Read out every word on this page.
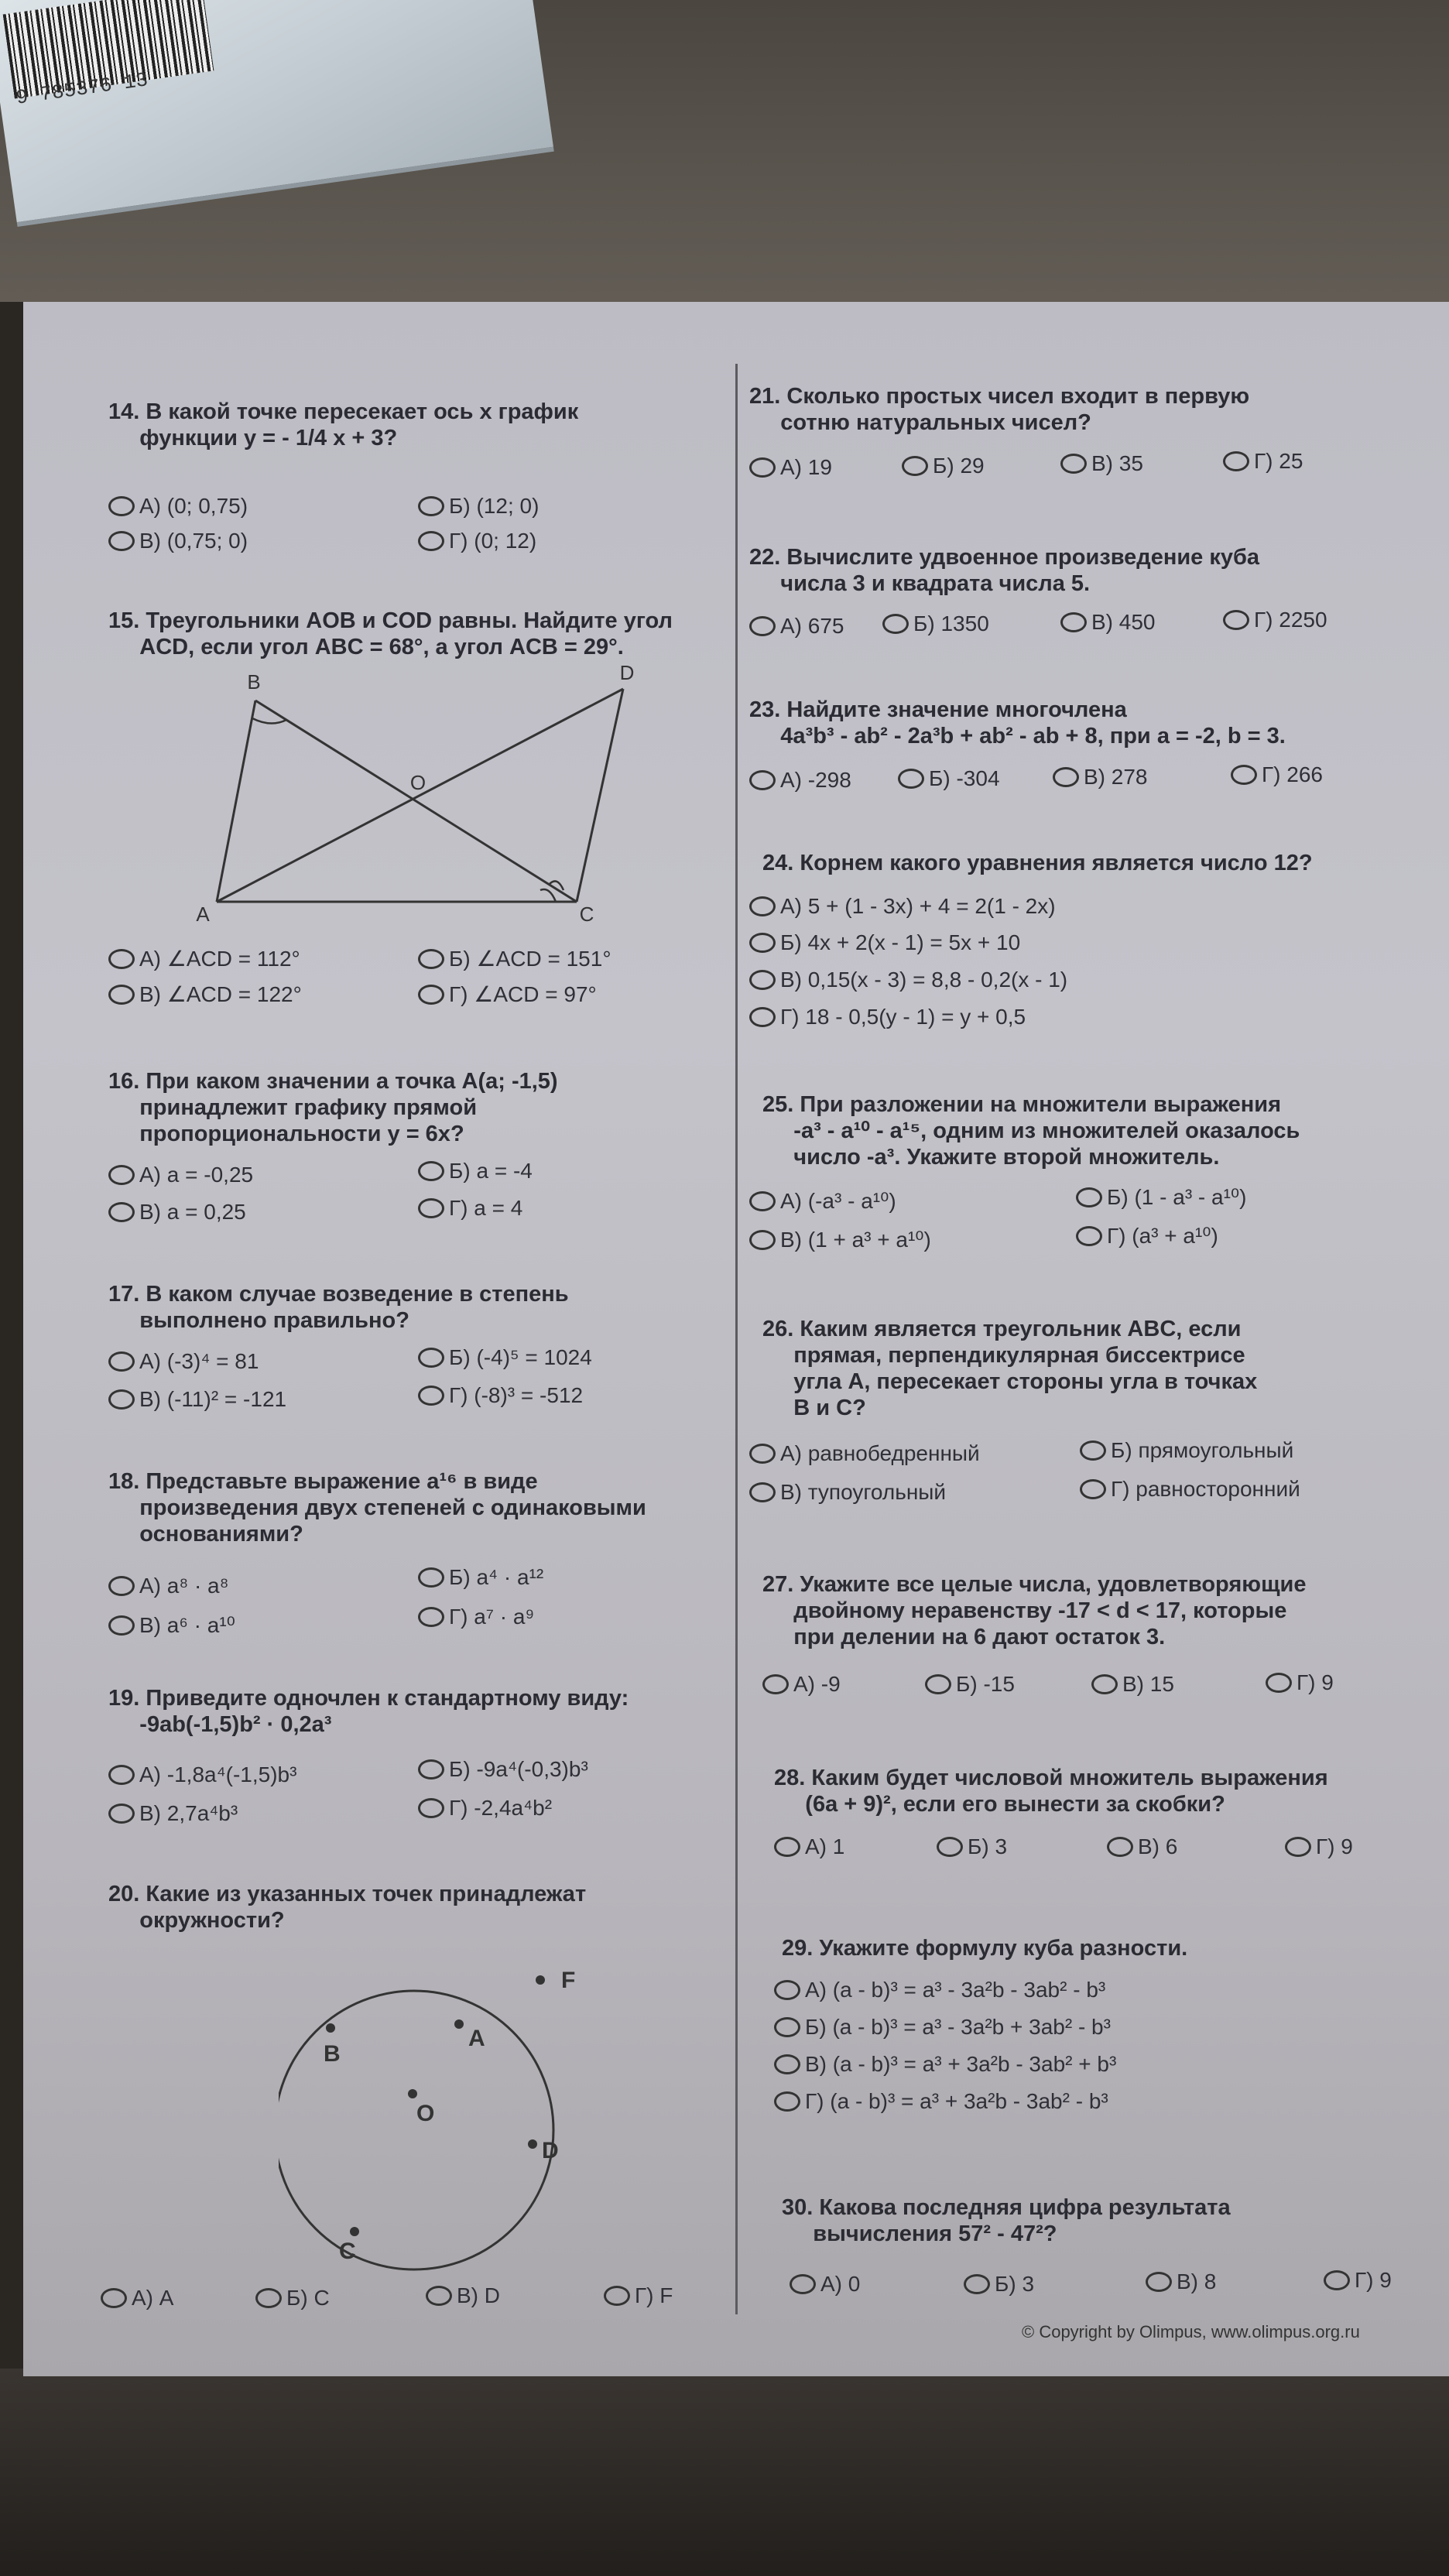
9 785376 13
14. В какой точке пересекает ось x график
функции у = - 1/4 x + 3?
А) (0; 0,75)	Б) (12; 0)
В) (0,75; 0)	Г) (0; 12)
15. Треугольники AOB и COD равны. Найдите угол
ACD, если угол ABC = 68°, а угол ACB = 29°.
B	D
O
A	C
А) ∠ACD = 112°	Б) ∠ACD = 151°
В) ∠ACD = 122°	Г) ∠ACD = 97°
16. При каком значении a точка А(a; -1,5)
принадлежит графику прямой
пропорциональности у = 6x?
А) a = -0,25	Б) a = -4
В) a = 0,25	Г) a = 4
17. В каком случае возведение в степень
выполнено правильно?
А) (-3)⁴ = 81	Б) (-4)⁵ = 1024
В) (-11)² = -121	Г) (-8)³ = -512
18. Представьте выражение a¹⁶ в виде
произведения двух степеней с одинаковыми
основаниями?
А) a⁸ · a⁸	Б) a⁴ · a¹²
В) a⁶ · a¹⁰	Г) a⁷ · a⁹
19. Приведите одночлен к стандартному виду:
-9ab(-1,5)b² · 0,2a³
А) -1,8a⁴(-1,5)b³	Б) -9a⁴(-0,3)b³
В) 2,7a⁴b³	Г) -2,4a⁴b²
20. Какие из указанных точек принадлежат
окружности?
F
B
A
O
D
C
А) A	Б) C	В) D	Г) F
21. Сколько простых чисел входит в первую
сотню натуральных чисел?
А) 19	Б) 29	В) 35	Г) 25
22. Вычислите удвоенное произведение куба
числа 3 и квадрата числа 5.
А) 675	Б) 1350	В) 450	Г) 2250
23. Найдите значение многочлена
4a³b³ - ab² - 2a³b + ab² - ab + 8, при a = -2, b = 3.
А) -298	Б) -304	В) 278	Г) 266
24. Корнем какого уравнения является число 12?
А) 5 + (1 - 3x) + 4 = 2(1 - 2x)
Б) 4x + 2(x - 1) = 5x + 10
В) 0,15(x - 3) = 8,8 - 0,2(x - 1)
Г) 18 - 0,5(y - 1) = y + 0,5
25. При разложении на множители выражения
-a³ - a¹⁰ - a¹⁵, одним из множителей оказалось
число -a³. Укажите второй множитель.
А) (-a³ - a¹⁰)	Б) (1 - a³ - a¹⁰)
В) (1 + a³ + a¹⁰)	Г) (a³ + a¹⁰)
26. Каким является треугольник ABC, если
прямая, перпендикулярная биссектрисе
угла A, пересекает стороны угла в точках
B и C?
А) равнобедренный	Б) прямоугольный
В) тупоугольный	Г) равносторонний
27. Укажите все целые числа, удовлетворяющие
двойному неравенству -17 < d < 17, которые
при делении на 6 дают остаток 3.
А) -9	Б) -15	В) 15	Г) 9
28. Каким будет числовой множитель выражения
(6a + 9)², если его вынести за скобки?
А) 1	Б) 3	В) 6	Г) 9
29. Укажите формулу куба разности.
А) (a - b)³ = a³ - 3a²b - 3ab² - b³
Б) (a - b)³ = a³ - 3a²b + 3ab² - b³
В) (a - b)³ = a³ + 3a²b - 3ab² + b³
Г) (a - b)³ = a³ + 3a²b - 3ab² - b³
30. Какова последняя цифра результата
вычисления 57² - 47²?
А) 0	Б) 3	В) 8	Г) 9
© Copyright by Olimpus, www.olimpus.org.ru
